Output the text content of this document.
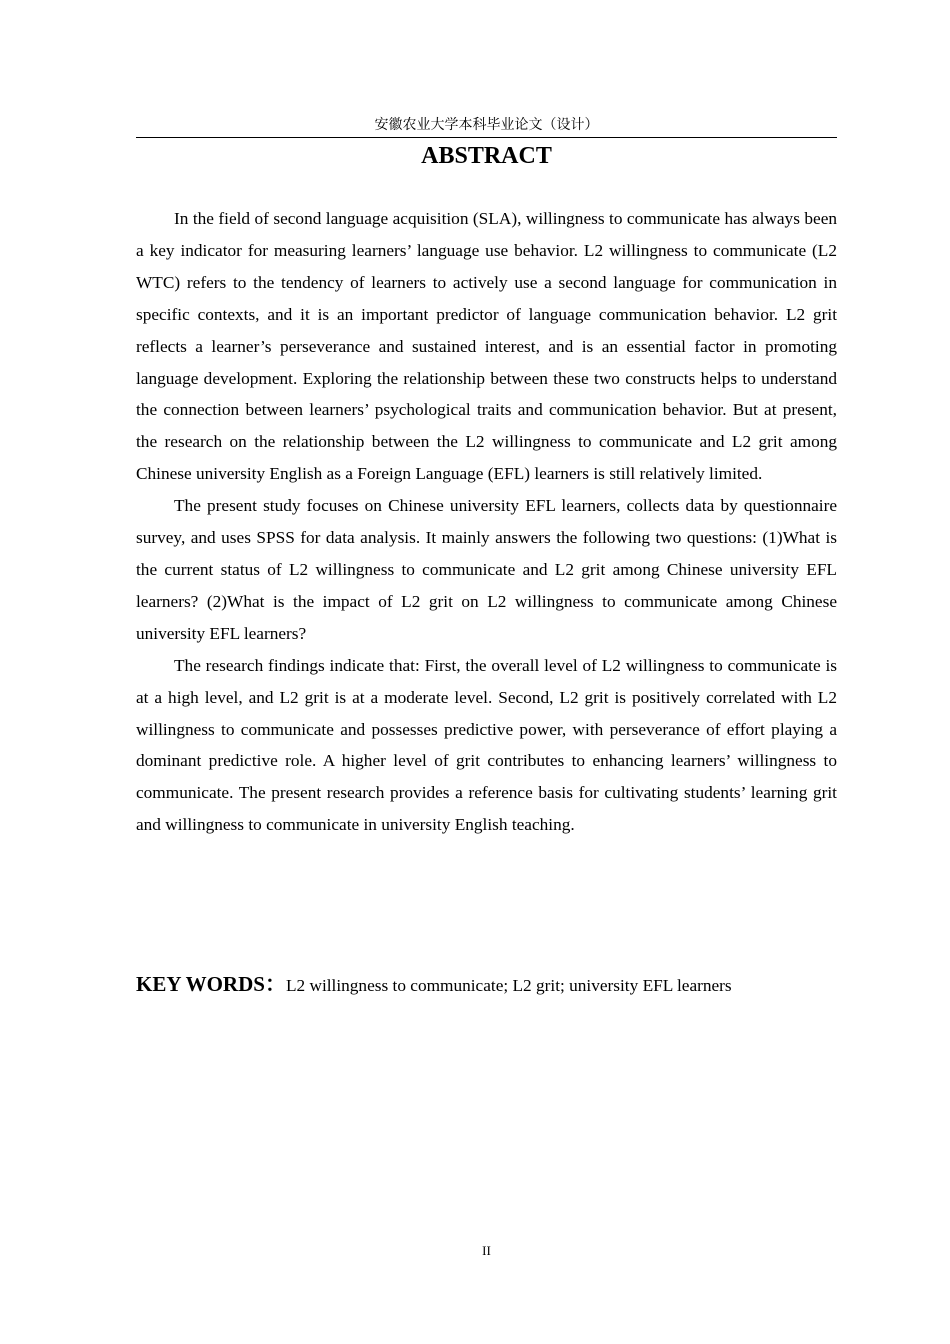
安徽农业大学本科毕业论文（设计）
ABSTRACT

In the field of second language acquisition (SLA), willingness to communicate has always been a key indicator for measuring learners’ language use behavior. L2 willingness to communicate (L2 WTC) refers to the tendency of learners to actively use a second language for communication in specific contexts, and it is an important predictor of language communication behavior. L2 grit reflects a learner’s perseverance and sustained interest, and is an essential factor in promoting language development. Exploring the relationship between these two constructs helps to understand the connection between learners’ psychological traits and communication behavior. But at present, the research on the relationship between the L2 willingness to communicate and L2 grit among Chinese university English as a Foreign Language (EFL) learners is still relatively limited.

The present study focuses on Chinese university EFL learners, collects data by questionnaire survey, and uses SPSS for data analysis. It mainly answers the following two questions: (1)What is the current status of L2 willingness to communicate and L2 grit among Chinese university EFL learners? (2)What is the impact of L2 grit on L2 willingness to communicate among Chinese university EFL learners?

The research findings indicate that: First, the overall level of L2 willingness to communicate is at a high level, and L2 grit is at a moderate level. Second, L2 grit is positively correlated with L2 willingness to communicate and possesses predictive power, with perseverance of effort playing a dominant predictive role. A higher level of grit contributes to enhancing learners’ willingness to communicate. The present research provides a reference basis for cultivating students’ learning grit and willingness to communicate in university English teaching.

KEY WORDS：L2 willingness to communicate; L2 grit; university EFL learners
II
